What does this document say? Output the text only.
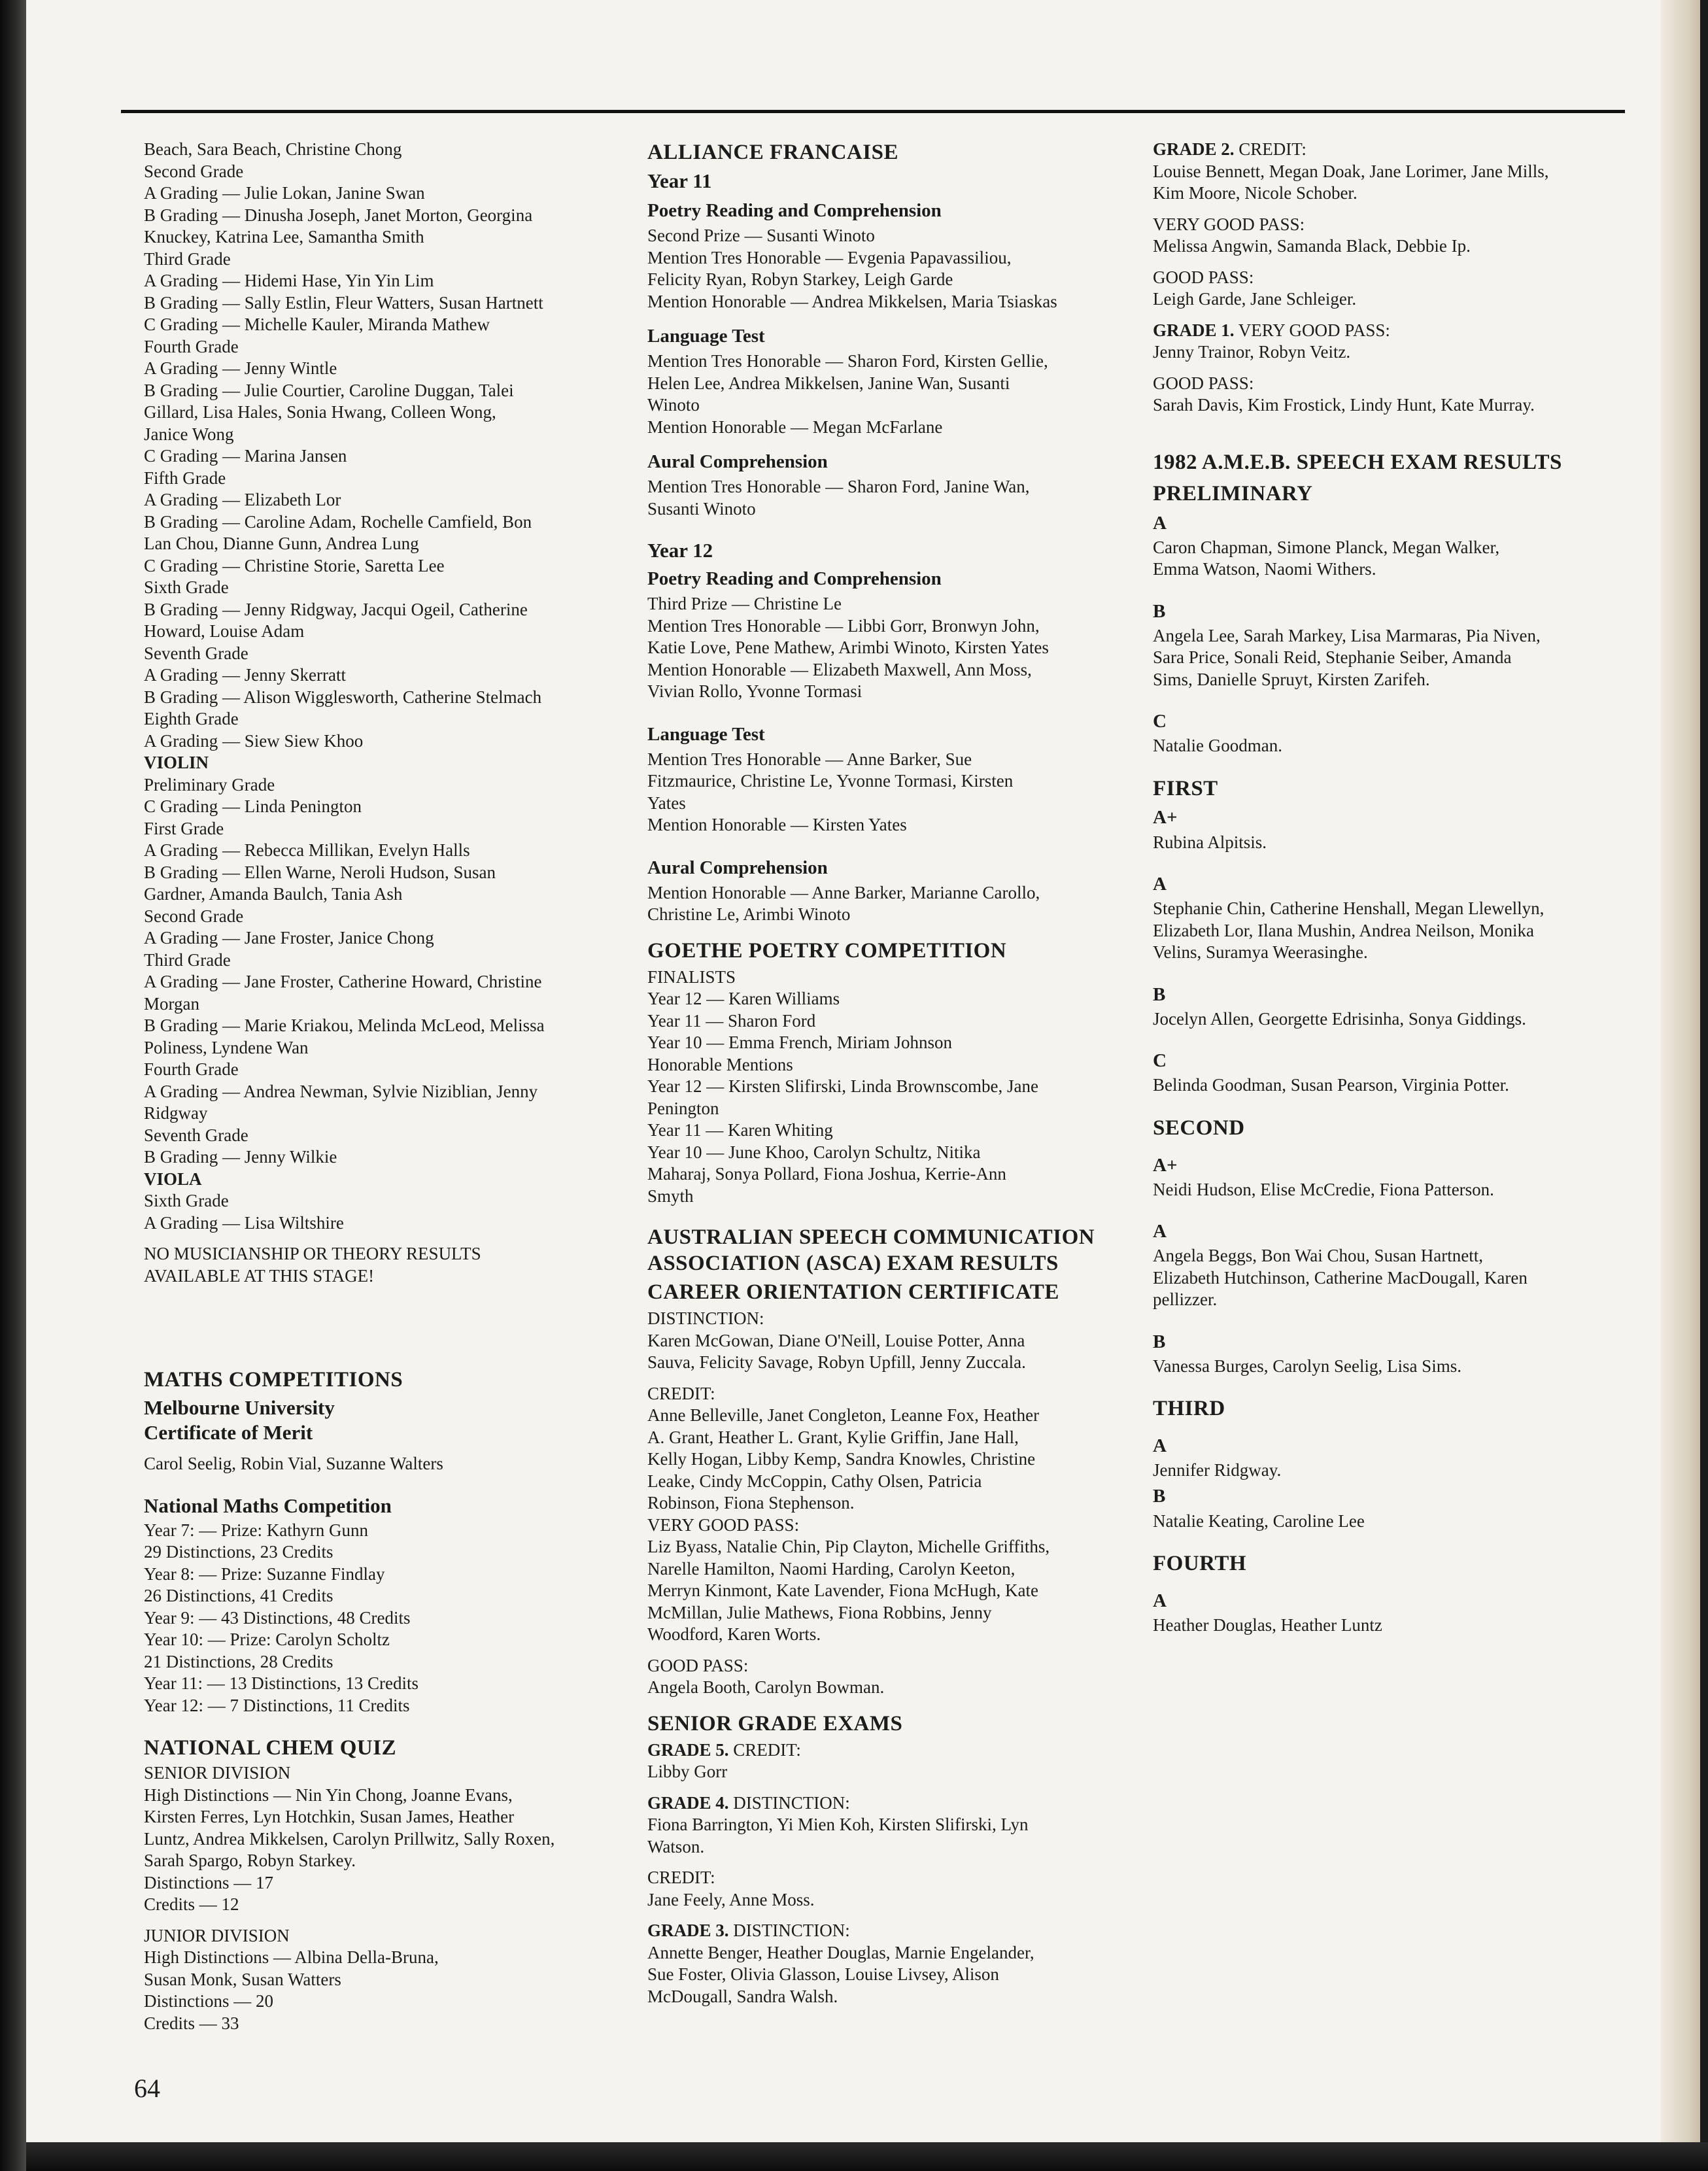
Beach, Sara Beach, Christine Chong
Second Grade
A Grading — Julie Lokan, Janine Swan
B Grading — Dinusha Joseph, Janet Morton, Georgina
Knuckey, Katrina Lee, Samantha Smith
Third Grade
A Grading — Hidemi Hase, Yin Yin Lim
B Grading — Sally Estlin, Fleur Watters, Susan Hartnett
C Grading — Michelle Kauler, Miranda Mathew
Fourth Grade
A Grading — Jenny Wintle
B Grading — Julie Courtier, Caroline Duggan, Talei
Gillard, Lisa Hales, Sonia Hwang, Colleen Wong,
Janice Wong
C Grading — Marina Jansen
Fifth Grade
A Grading — Elizabeth Lor
B Grading — Caroline Adam, Rochelle Camfield, Bon
Lan Chou, Dianne Gunn, Andrea Lung
C Grading — Christine Storie, Saretta Lee
Sixth Grade
B Grading — Jenny Ridgway, Jacqui Ogeil, Catherine
Howard, Louise Adam
Seventh Grade
A Grading — Jenny Skerratt
B Grading — Alison Wigglesworth, Catherine Stelmach
Eighth Grade
A Grading — Siew Siew Khoo
VIOLIN
Preliminary Grade
C Grading — Linda Penington
First Grade
A Grading — Rebecca Millikan, Evelyn Halls
B Grading — Ellen Warne, Neroli Hudson, Susan
Gardner, Amanda Baulch, Tania Ash
Second Grade
A Grading — Jane Froster, Janice Chong
Third Grade
A Grading — Jane Froster, Catherine Howard, Christine
Morgan
B Grading — Marie Kriakou, Melinda McLeod, Melissa
Poliness, Lyndene Wan
Fourth Grade
A Grading — Andrea Newman, Sylvie Niziblian, Jenny
Ridgway
Seventh Grade
B Grading — Jenny Wilkie
VIOLA
Sixth Grade
A Grading — Lisa Wiltshire
NO MUSICIANSHIP OR THEORY RESULTS
AVAILABLE AT THIS STAGE!
MATHS COMPETITIONS
Melbourne University
Certificate of Merit
Carol Seelig, Robin Vial, Suzanne Walters
National Maths Competition
Year 7: — Prize: Kathyrn Gunn
29 Distinctions, 23 Credits
Year 8: — Prize: Suzanne Findlay
26 Distinctions, 41 Credits
Year 9: — 43 Distinctions, 48 Credits
Year 10: — Prize: Carolyn Scholtz
21 Distinctions, 28 Credits
Year 11: — 13 Distinctions, 13 Credits
Year 12: — 7 Distinctions, 11 Credits
NATIONAL CHEM QUIZ
SENIOR DIVISION
High Distinctions — Nin Yin Chong, Joanne Evans,
Kirsten Ferres, Lyn Hotchkin, Susan James, Heather
Luntz, Andrea Mikkelsen, Carolyn Prillwitz, Sally Roxen,
Sarah Spargo, Robyn Starkey.
Distinctions — 17
Credits — 12
JUNIOR DIVISION
High Distinctions — Albina Della-Bruna,
Susan Monk, Susan Watters
Distinctions — 20
Credits — 33
ALLIANCE FRANCAISE
Year 11
Poetry Reading and Comprehension
Second Prize — Susanti Winoto
Mention Tres Honorable — Evgenia Papavassiliou,
Felicity Ryan, Robyn Starkey, Leigh Garde
Mention Honorable — Andrea Mikkelsen, Maria Tsiaskas
Language Test
Mention Tres Honorable — Sharon Ford, Kirsten Gellie,
Helen Lee, Andrea Mikkelsen, Janine Wan, Susanti
Winoto
Mention Honorable — Megan McFarlane
Aural Comprehension
Mention Tres Honorable — Sharon Ford, Janine Wan,
Susanti Winoto
Year 12
Poetry Reading and Comprehension
Third Prize — Christine Le
Mention Tres Honorable — Libbi Gorr, Bronwyn John,
Katie Love, Pene Mathew, Arimbi Winoto, Kirsten Yates
Mention Honorable — Elizabeth Maxwell, Ann Moss,
Vivian Rollo, Yvonne Tormasi
Language Test
Mention Tres Honorable — Anne Barker, Sue
Fitzmaurice, Christine Le, Yvonne Tormasi, Kirsten
Yates
Mention Honorable — Kirsten Yates
Aural Comprehension
Mention Honorable — Anne Barker, Marianne Carollo,
Christine Le, Arimbi Winoto
GOETHE POETRY COMPETITION
FINALISTS
Year 12 — Karen Williams
Year 11 — Sharon Ford
Year 10 — Emma French, Miriam Johnson
Honorable Mentions
Year 12 — Kirsten Slifirski, Linda Brownscombe, Jane
Penington
Year 11 — Karen Whiting
Year 10 — June Khoo, Carolyn Schultz, Nitika
Maharaj, Sonya Pollard, Fiona Joshua, Kerrie-Ann
Smyth
AUSTRALIAN SPEECH COMMUNICATION
ASSOCIATION (ASCA) EXAM RESULTS
CAREER ORIENTATION CERTIFICATE
DISTINCTION:
Karen McGowan, Diane O'Neill, Louise Potter, Anna
Sauva, Felicity Savage, Robyn Upfill, Jenny Zuccala.
CREDIT:
Anne Belleville, Janet Congleton, Leanne Fox, Heather
A. Grant, Heather L. Grant, Kylie Griffin, Jane Hall,
Kelly Hogan, Libby Kemp, Sandra Knowles, Christine
Leake, Cindy McCoppin, Cathy Olsen, Patricia
Robinson, Fiona Stephenson.
VERY GOOD PASS:
Liz Byass, Natalie Chin, Pip Clayton, Michelle Griffiths,
Narelle Hamilton, Naomi Harding, Carolyn Keeton,
Merryn Kinmont, Kate Lavender, Fiona McHugh, Kate
McMillan, Julie Mathews, Fiona Robbins, Jenny
Woodford, Karen Worts.
GOOD PASS:
Angela Booth, Carolyn Bowman.
SENIOR GRADE EXAMS
GRADE 5. CREDIT:
Libby Gorr
GRADE 4. DISTINCTION:
Fiona Barrington, Yi Mien Koh, Kirsten Slifirski, Lyn
Watson.
CREDIT:
Jane Feely, Anne Moss.
GRADE 3. DISTINCTION:
Annette Benger, Heather Douglas, Marnie Engelander,
Sue Foster, Olivia Glasson, Louise Livsey, Alison
McDougall, Sandra Walsh.
GRADE 2. CREDIT:
Louise Bennett, Megan Doak, Jane Lorimer, Jane Mills,
Kim Moore, Nicole Schober.
VERY GOOD PASS:
Melissa Angwin, Samanda Black, Debbie Ip.
GOOD PASS:
Leigh Garde, Jane Schleiger.
GRADE 1. VERY GOOD PASS:
Jenny Trainor, Robyn Veitz.
GOOD PASS:
Sarah Davis, Kim Frostick, Lindy Hunt, Kate Murray.
1982 A.M.E.B. SPEECH EXAM RESULTS
PRELIMINARY
A
Caron Chapman, Simone Planck, Megan Walker,
Emma Watson, Naomi Withers.
B
Angela Lee, Sarah Markey, Lisa Marmaras, Pia Niven,
Sara Price, Sonali Reid, Stephanie Seiber, Amanda
Sims, Danielle Spruyt, Kirsten Zarifeh.
C
Natalie Goodman.
FIRST
A+
Rubina Alpitsis.
A
Stephanie Chin, Catherine Henshall, Megan Llewellyn,
Elizabeth Lor, Ilana Mushin, Andrea Neilson, Monika
Velins, Suramya Weerasinghe.
B
Jocelyn Allen, Georgette Edrisinha, Sonya Giddings.
C
Belinda Goodman, Susan Pearson, Virginia Potter.
SECOND
A+
Neidi Hudson, Elise McCredie, Fiona Patterson.
A
Angela Beggs, Bon Wai Chou, Susan Hartnett,
Elizabeth Hutchinson, Catherine MacDougall, Karen
pellizzer.
B
Vanessa Burges, Carolyn Seelig, Lisa Sims.
THIRD
A
Jennifer Ridgway.
B
Natalie Keating, Caroline Lee
FOURTH
A
Heather Douglas, Heather Luntz
64
